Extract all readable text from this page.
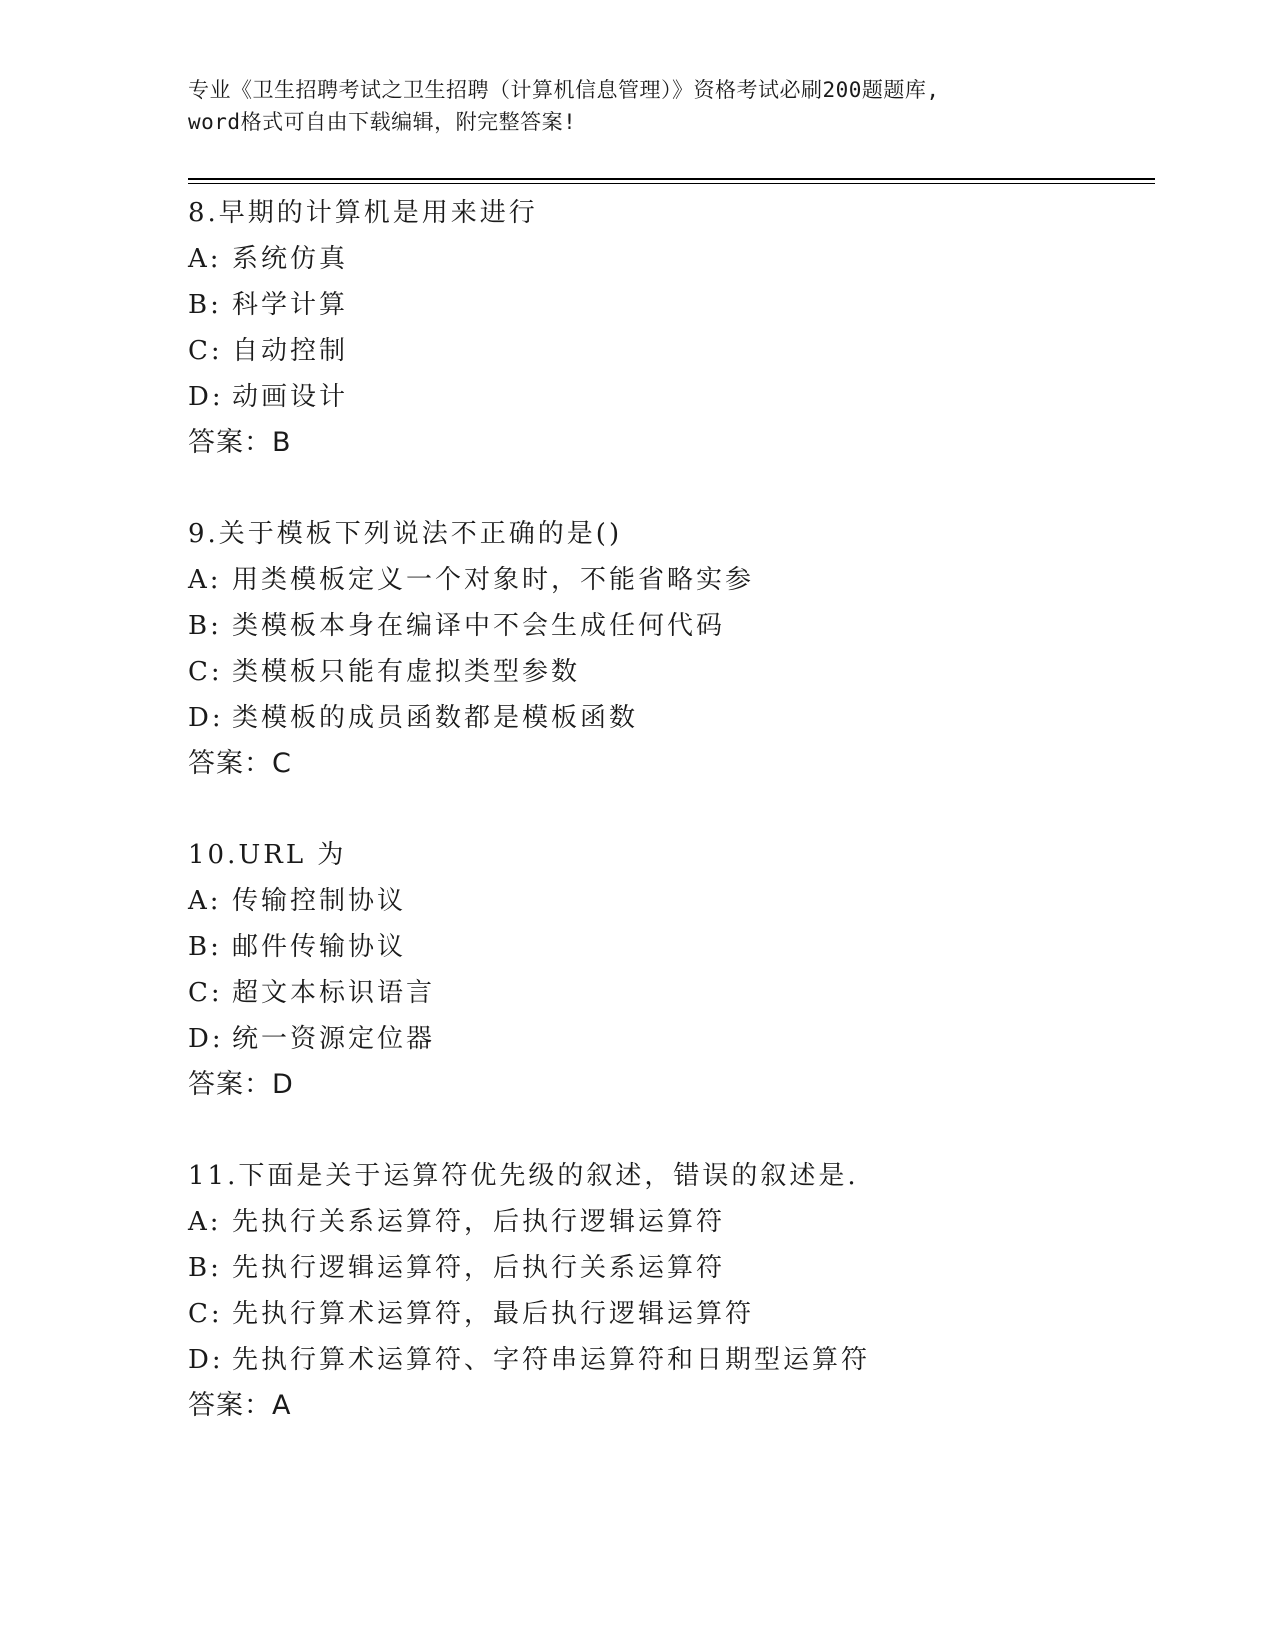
专业《卫生招聘考试之卫生招聘（计算机信息管理）》资格考试必刷200题题库,

word格式可自由下载编辑，附完整答案!

8.早期的计算机是用来进行
A: 系统仿真
B: 科学计算
C: 自动控制
D: 动画设计
答案：B
9.关于模板下列说法不正确的是()
A: 用类模板定义一个对象时，不能省略实参
B: 类模板本身在编译中不会生成任何代码
C: 类模板只能有虚拟类型参数
D: 类模板的成员函数都是模板函数
答案：C
10.URL 为
A: 传输控制协议
B: 邮件传输协议
C: 超文本标识语言
D: 统一资源定位器
答案：D
11.下面是关于运算符优先级的叙述，错误的叙述是.
A: 先执行关系运算符，后执行逻辑运算符
B: 先执行逻辑运算符，后执行关系运算符
C: 先执行算术运算符，最后执行逻辑运算符
D: 先执行算术运算符、字符串运算符和日期型运算符
答案：A
